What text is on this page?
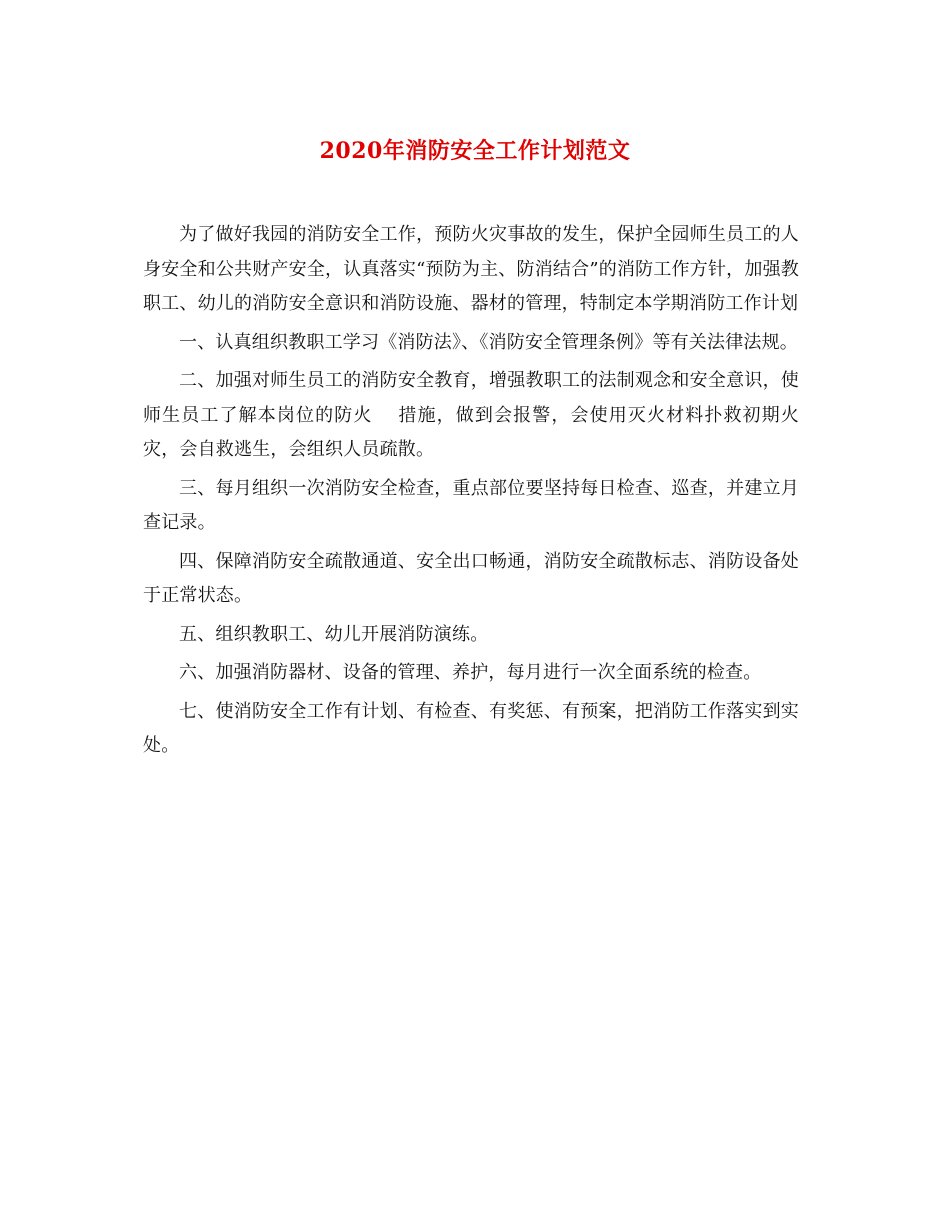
2020年消防安全工作计划范文

为了做好我园的消防安全工作，预防火灾事故的发生，保护全园师生员工的人身安全和公共财产安全，认真落实“预防为主、防消结合”的消防工作方针，加强教职工、幼儿的消防安全意识和消防设施、器材的管理，特制定本学期消防工作计划

一、认真组织教职工学习《消防法》、《消防安全管理条例》等有关法律法规。

二、加强对师生员工的消防安全教育，增强教职工的法制观念和安全意识，使师生员工了解本岗位的防火　 措施，做到会报警，会使用灭火材料扑救初期火灾，会自救逃生，会组织人员疏散。

三、每月组织一次消防安全检查，重点部位要坚持每日检查、巡查，并建立月查记录。

四、保障消防安全疏散通道、安全出口畅通，消防安全疏散标志、消防设备处于正常状态。

五、组织教职工、幼儿开展消防演练。

六、加强消防器材、设备的管理、养护，每月进行一次全面系统的检查。

七、使消防安全工作有计划、有检查、有奖惩、有预案，把消防工作落实到实处。
